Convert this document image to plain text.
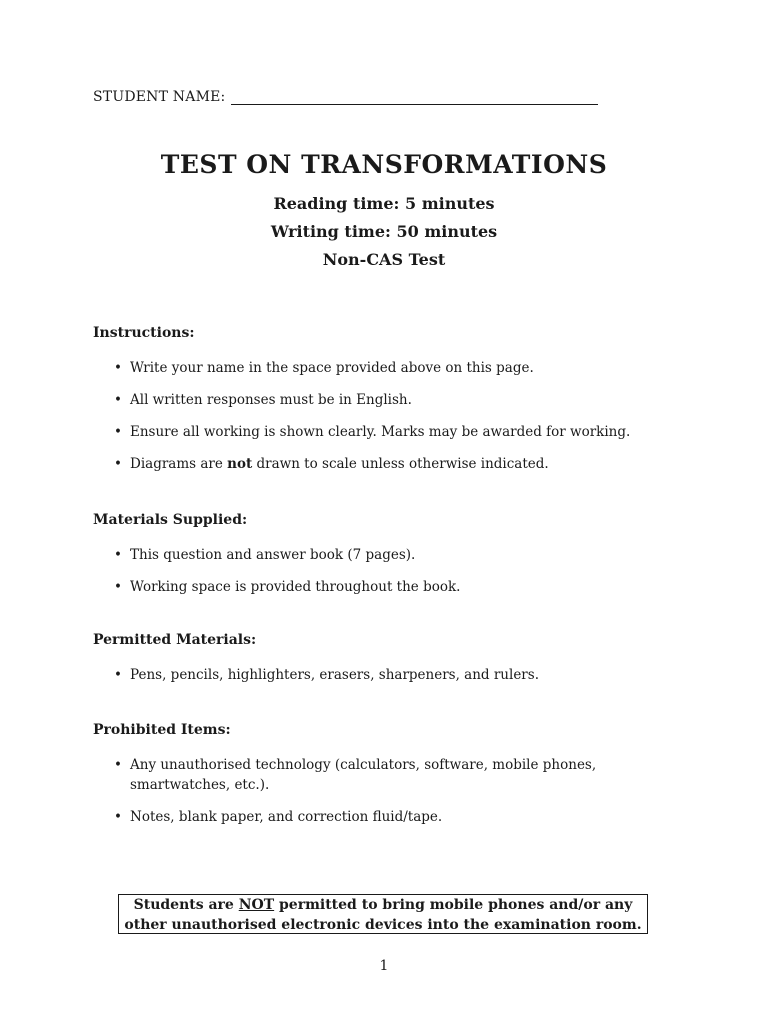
STUDENT NAME:
TEST ON TRANSFORMATIONS
Reading time: 5 minutes
Writing time: 50 minutes
Non-CAS Test

Instructions:

• Write your name in the space provided above on this page.
• All written responses must be in English.
• Ensure all working is shown clearly. Marks may be awarded for working.
• Diagrams are not drawn to scale unless otherwise indicated.

Materials Supplied:

• This question and answer book (7 pages).
• Working space is provided throughout the book.

Permitted Materials:

• Pens, pencils, highlighters, erasers, sharpeners, and rulers.

Prohibited Items:

• Any unauthorised technology (calculators, software, mobile phones, smartwatches, etc.).
• Notes, blank paper, and correction fluid/tape.
Students are NOT permitted to bring mobile phones and/or any
other unauthorised electronic devices into the examination room.
1
